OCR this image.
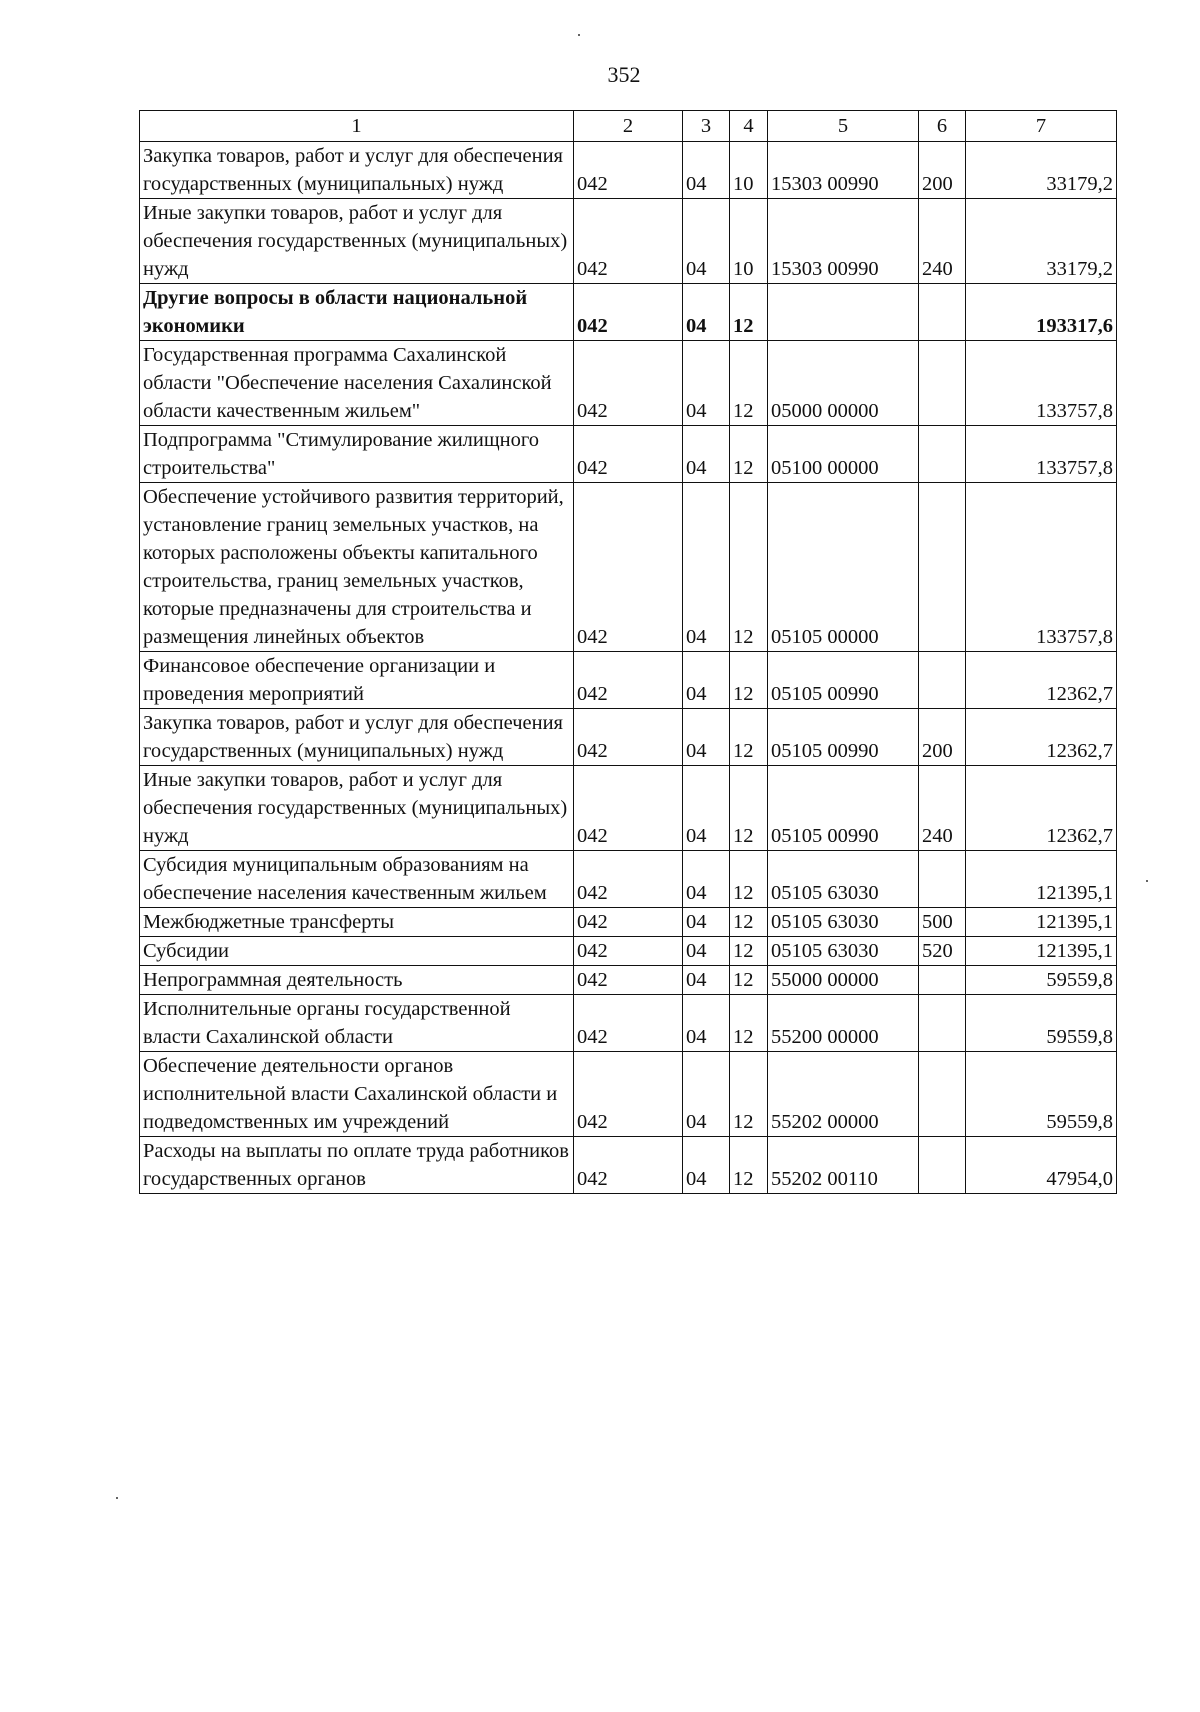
352
1	2	3	4	5	6	7
Закупка товаров, работ и услуг для обеспечения государственных (муниципальных) нужд	042	04	10	15303 00990	200	33179,2
Иные закупки товаров, работ и услуг для обеспечения государственных (муниципальных) нужд	042	04	10	15303 00990	240	33179,2
Другие вопросы в области национальной экономики	042	04	12			193317,6
Государственная программа Сахалинской области "Обеспечение населения Сахалинской области качественным жильем"	042	04	12	05000 00000		133757,8
Подпрограмма "Стимулирование жилищного строительства"	042	04	12	05100 00000		133757,8
Обеспечение устойчивого развития территорий, установление границ земельных участков, на которых расположены объекты капитального строительства, границ земельных участков, которые предназначены для строительства и размещения линейных объектов	042	04	12	05105 00000		133757,8
Финансовое обеспечение организации и проведения мероприятий	042	04	12	05105 00990		12362,7
Закупка товаров, работ и услуг для обеспечения государственных (муниципальных) нужд	042	04	12	05105 00990	200	12362,7
Иные закупки товаров, работ и услуг для обеспечения государственных (муниципальных) нужд	042	04	12	05105 00990	240	12362,7
Субсидия муниципальным образованиям на обеспечение населения качественным жильем	042	04	12	05105 63030		121395,1
Межбюджетные трансферты	042	04	12	05105 63030	500	121395,1
Субсидии	042	04	12	05105 63030	520	121395,1
Непрограммная деятельность	042	04	12	55000 00000		59559,8
Исполнительные органы государственной власти Сахалинской области	042	04	12	55200 00000		59559,8
Обеспечение деятельности органов исполнительной власти Сахалинской области и подведомственных им учреждений	042	04	12	55202 00000		59559,8
Расходы на выплаты по оплате труда работников государственных органов	042	04	12	55202 00110		47954,0
